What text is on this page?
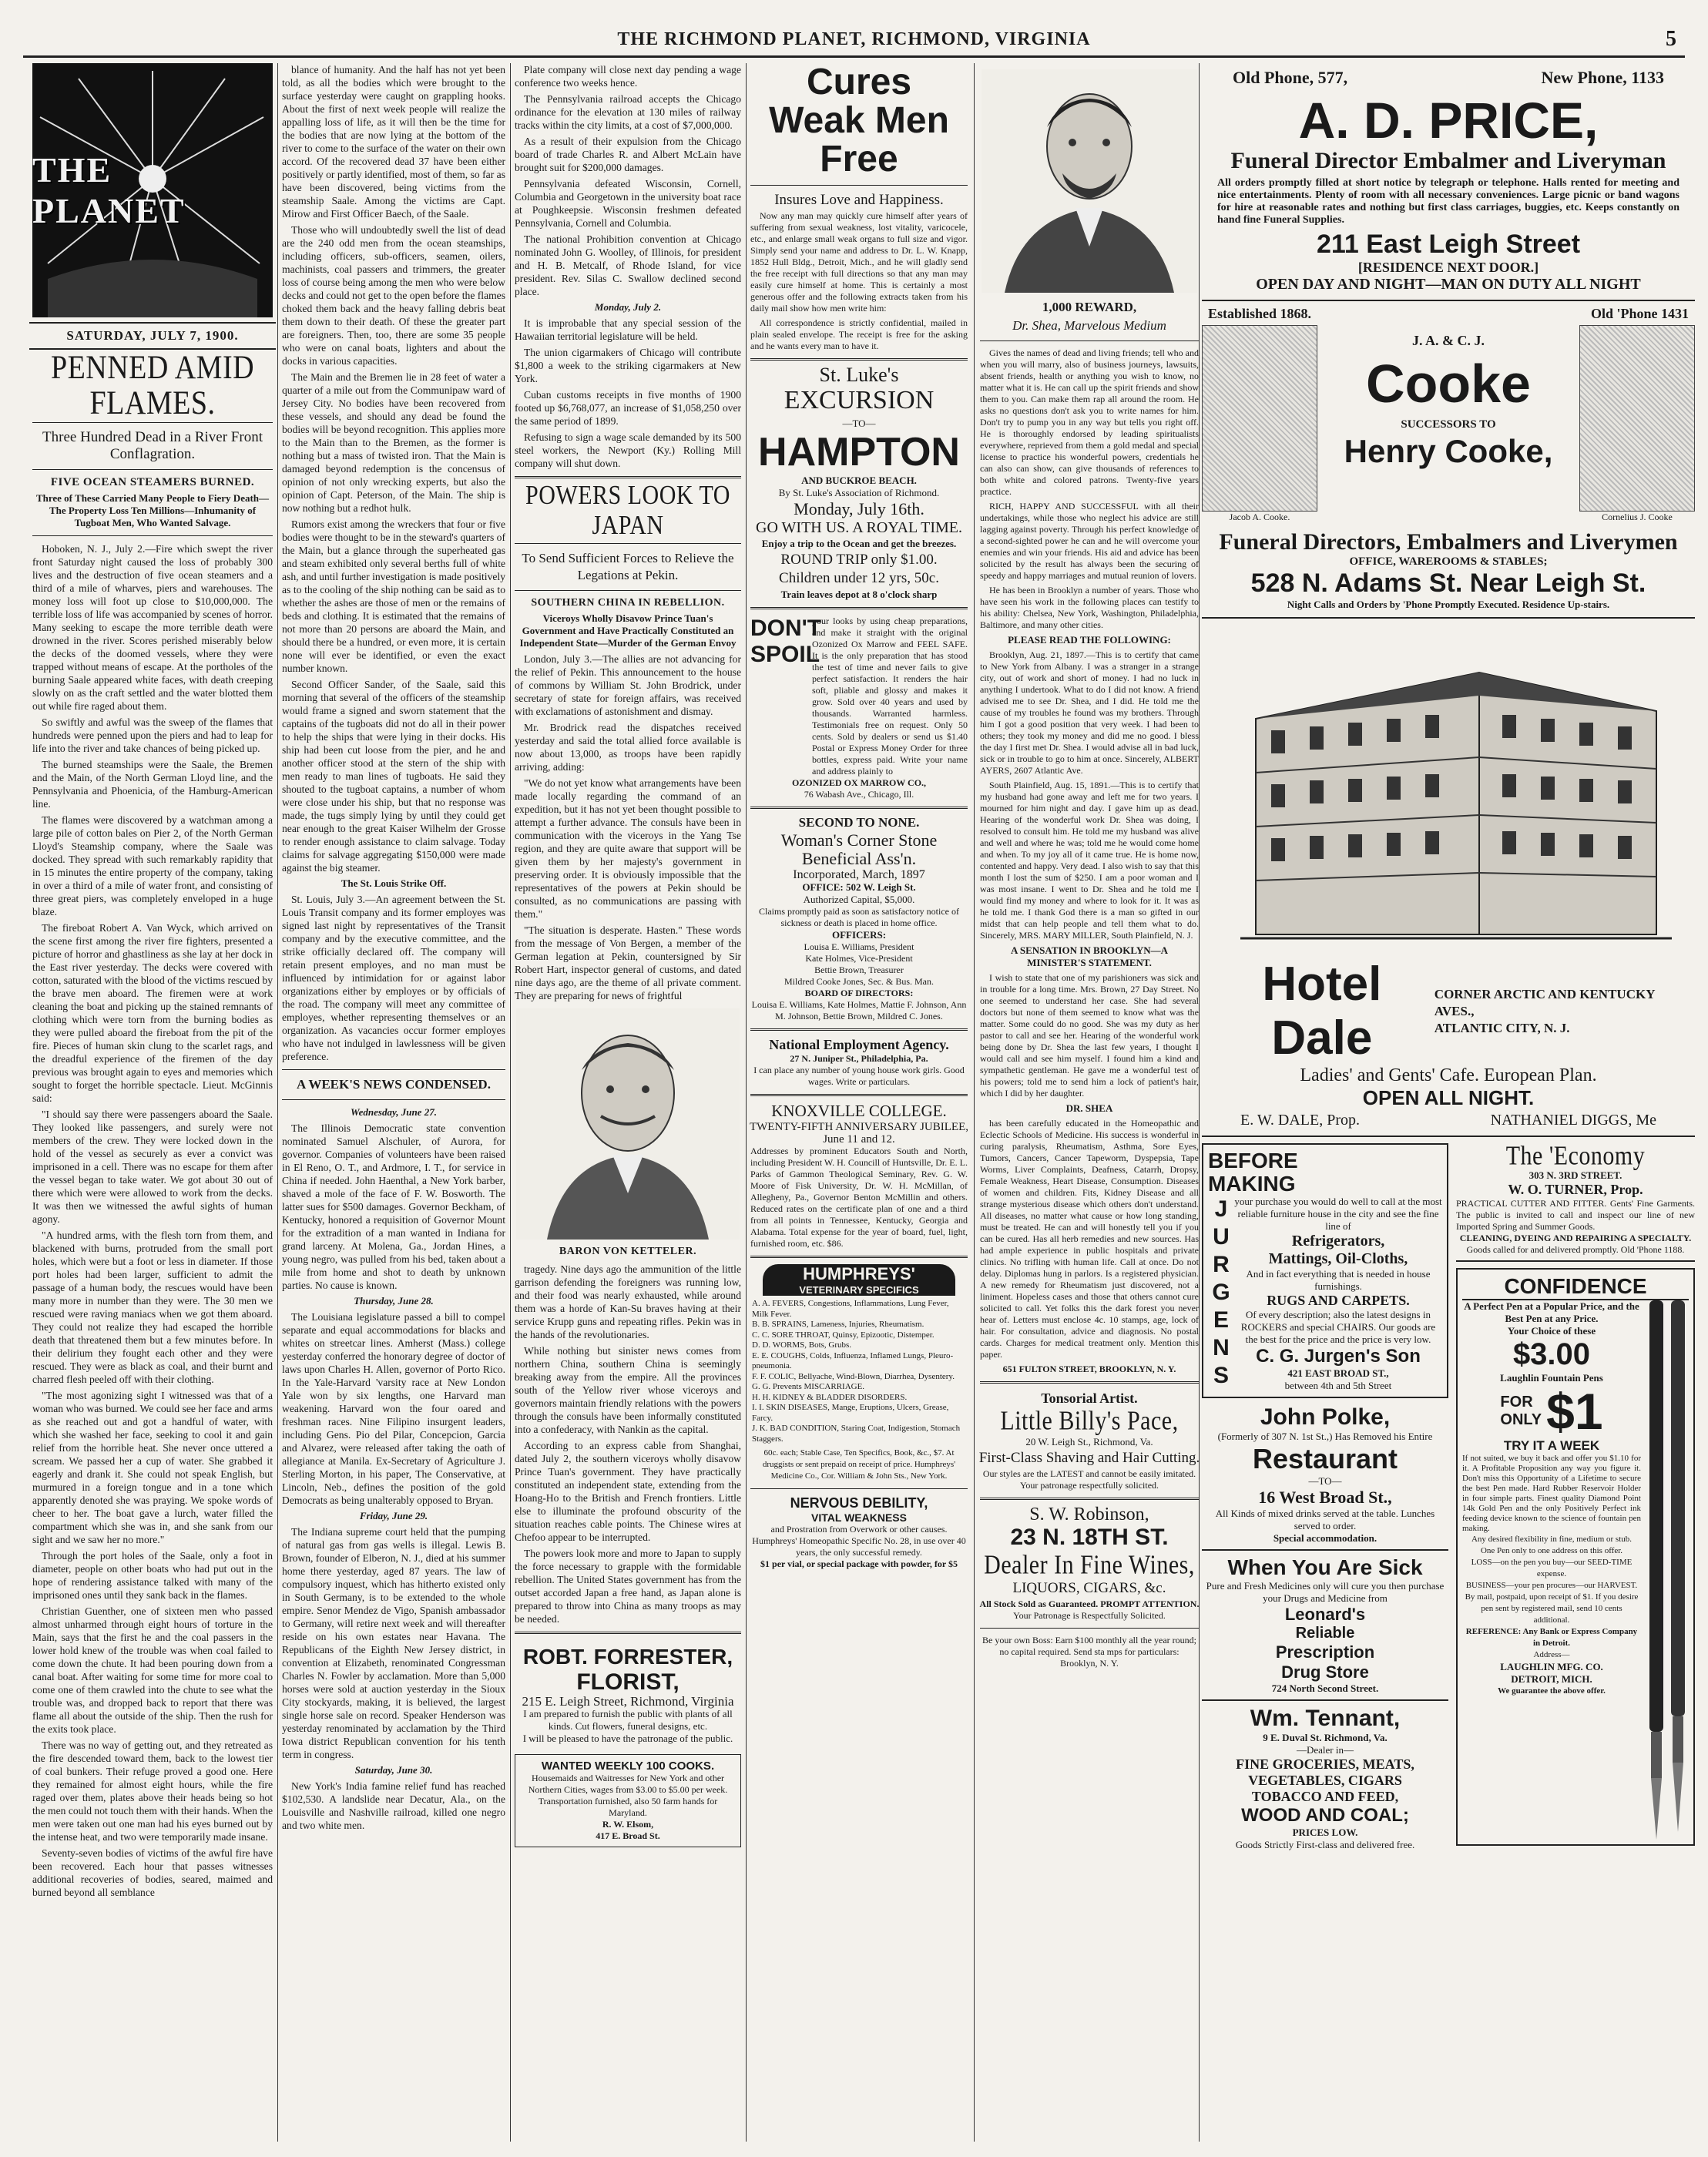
THE RICHMOND PLANET, RICHMOND, VIRGINIA	5
THE PLANET
SATURDAY, JULY 7, 1900.
PENNED AMID FLAMES.
Three Hundred Dead in a River Front Conflagration.
FIVE OCEAN STEAMERS BURNED.
Three of These Carried Many People to Fiery Death—The Property Loss Ten Millions—Inhumanity of Tugboat Men, Who Wanted Salvage.

Hoboken, N. J., July 2.—Fire which swept the river front Saturday night caused the loss of probably 300 lives and the destruction of five ocean steamers and a third of a mile of wharves, piers and warehouses. The money loss will foot up close to $10,000,000. The terrible loss of life was accompanied by scenes of horror. Many seeking to escape the more terrible death were drowned in the river. Scores perished miserably below the decks of the doomed vessels, where they were trapped without means of escape. At the portholes of the burning Saale appeared white faces, with death creeping slowly on as the craft settled and the water blotted them out while fire raged about them.

So swiftly and awful was the sweep of the flames that hundreds were penned upon the piers and had to leap for life into the river and take chances of being picked up.

The burned steamships were the Saale, the Bremen and the Main, of the North German Lloyd line, and the Pennsylvania and Phoenicia, of the Hamburg-American line.

The flames were discovered by a watchman among a large pile of cotton bales on Pier 2, of the North German Lloyd's Steamship company, where the Saale was docked. They spread with such remarkably rapidity that in 15 minutes the entire property of the company, taking in over a third of a mile of water front, and consisting of three great piers, was completely enveloped in a huge blaze.

The fireboat Robert A. Van Wyck, which arrived on the scene first among the river fire fighters, presented a picture of horror and ghastliness as she lay at her dock in the East river yesterday. The decks were covered with cotton, saturated with the blood of the victims rescued by the brave men aboard. The firemen were at work cleaning the boat and picking up the stained remnants of clothing which were torn from the burning bodies as they were pulled aboard the fireboat from the pit of the fire. Pieces of human skin clung to the scarlet rags, and the dreadful experience of the firemen of the day previous was brought again to eyes and memories which sought to forget the horrible spectacle. Lieut. McGinnis said:

"I should say there were passengers aboard the Saale. They looked like passengers, and surely were not members of the crew. They were locked down in the hold of the vessel as securely as ever a convict was imprisoned in a cell. There was no escape for them after the vessel began to take water. We got about 30 out of there which were were allowed to work from the decks. It was then we witnessed the awful sights of human agony.

"A hundred arms, with the flesh torn from them, and blackened with burns, protruded from the small port holes, which were but a foot or less in diameter. If those port holes had been larger, sufficient to admit the passage of a human body, the rescues would have been many more in number than they were. The 30 men we rescued were raving maniacs when we got them aboard. They could not realize they had escaped the horrible death that threatened them but a few minutes before. In their delirium they fought each other and they were rescued. They were as black as coal, and their burnt and charred flesh peeled off with their clothing.

"The most agonizing sight I witnessed was that of a woman who was burned. We could see her face and arms as she reached out and got a handful of water, with which she washed her face, seeking to cool it and gain relief from the horrible heat. She never once uttered a scream. We passed her a cup of water. She grabbed it eagerly and drank it. She could not speak English, but murmured in a foreign tongue and in a tone which apparently denoted she was praying. We spoke words of cheer to her. The boat gave a lurch, water filled the compartment which she was in, and she sank from our sight and we saw her no more."

Through the port holes of the Saale, only a foot in diameter, people on other boats who had put out in the hope of rendering assistance talked with many of the imprisoned ones until they sank back in the flames.

Christian Guenther, one of sixteen men who passed almost unharmed through eight hours of torture in the Main, says that the first he and the coal passers in the lower hold knew of the trouble was when coal failed to come down the chute. It had been pouring down from a canal boat. After waiting for some time for more coal to come one of them crawled into the chute to see what the trouble was, and dropped back to report that there was flame all about the outside of the ship. Then the rush for the exits took place.

There was no way of getting out, and they retreated as the fire descended toward them, back to the lowest tier of coal bunkers. Their refuge proved a good one. Here they remained for almost eight hours, while the fire raged over them, plates above their heads being so hot the men could not touch them with their hands. When the men were taken out one man had his eyes burned out by the intense heat, and two were temporarily made insane.

Seventy-seven bodies of victims of the awful fire have been recovered. Each hour that passes witnesses additional recoveries of bodies, seared, maimed and burned beyond all semblance

blance of humanity. And the half has not yet been told, as all the bodies which were brought to the surface yesterday were caught on grappling hooks. About the first of next week people will realize the appalling loss of life, as it will then be the time for the bodies that are now lying at the bottom of the river to come to the surface of the water on their own accord. Of the recovered dead 37 have been either positively or partly identified, most of them, so far as have been discovered, being victims from the steamship Saale. Among the victims are Capt. Mirow and First Officer Baech, of the Saale.

Those who will undoubtedly swell the list of dead are the 240 odd men from the ocean steamships, including officers, sub-officers, seamen, oilers, machinists, coal passers and trimmers, the greater loss of course being among the men who were below decks and could not get to the open before the flames choked them back and the heavy falling debris beat them down to their death. Of these the greater part are foreigners. Then, too, there are some 35 people who were on canal boats, lighters and about the docks in various capacities.

The Main and the Bremen lie in 28 feet of water a quarter of a mile out from the Communipaw ward of Jersey City. No bodies have been recovered from these vessels, and should any dead be found the bodies will be beyond recognition. This applies more to the Main than to the Bremen, as the former is nothing but a mass of twisted iron. That the Main is damaged beyond redemption is the concensus of opinion of not only wrecking experts, but also the opinion of Capt. Peterson, of the Main. The ship is now nothing but a redhot hulk.

Rumors exist among the wreckers that four or five bodies were thought to be in the steward's quarters of the Main, but a glance through the superheated gas and steam exhibited only several berths full of white ash, and until further investigation is made positively as to the cooling of the ship nothing can be said as to whether the ashes are those of men or the remains of beds and clothing. It is estimated that the remains of not more than 20 persons are aboard the Main, and should there be a hundred, or even more, it is certain none will ever be identified, or even the exact number known.

Second Officer Sander, of the Saale, said this morning that several of the officers of the steamship would frame a signed and sworn statement that the captains of the tugboats did not do all in their power to help the ships that were lying in their docks. His ship had been cut loose from the pier, and he and another officer stood at the stern of the ship with men ready to man lines of tugboats. He said they shouted to the tugboat captains, a number of whom were close under his ship, but that no response was made, the tugs simply lying by until they could get near enough to the great Kaiser Wilhelm der Grosse to render enough assistance to claim salvage. Today claims for salvage aggregating $150,000 were made against the big steamer.

The St. Louis Strike Off.

St. Louis, July 3.—An agreement between the St. Louis Transit company and its former employes was signed last night by representatives of the Transit company and by the executive committee, and the strike officially declared off. The company will retain present employes, and no man must be influenced by intimidation for or against labor organizations either by employes or by officials of the road. The company will meet any committee of employes, whether representing themselves or an organization. As vacancies occur former employes who have not indulged in lawlessness will be given preference.

A WEEK'S NEWS CONDENSED.
Wednesday, June 27.

The Illinois Democratic state convention nominated Samuel Alschuler, of Aurora, for governor. Companies of volunteers have been raised in El Reno, O. T., and Ardmore, I. T., for service in China if needed. John Haenthal, a New York barber, shaved a mole of the face of F. W. Bosworth. The latter sues for $500 damages. Governor Beckham, of Kentucky, honored a requisition of Governor Mount for the extradition of a man wanted in Indiana for grand larceny. At Molena, Ga., Jordan Hines, a young negro, was pulled from his bed, taken about a mile from home and shot to death by unknown parties. No cause is known.

Thursday, June 28.

The Louisiana legislature passed a bill to compel separate and equal accommodations for blacks and whites on streetcar lines. Amherst (Mass.) college yesterday conferred the honorary degree of doctor of laws upon Charles H. Allen, governor of Porto Rico. In the Yale-Harvard 'varsity race at New London Yale won by six lengths, one Harvard man weakening. Harvard won the four oared and freshman races. Nine Filipino insurgent leaders, including Gens. Pio del Pilar, Concepcion, Garcia and Alvarez, were released after taking the oath of allegiance at Manila. Ex-Secretary of Agriculture J. Sterling Morton, in his paper, The Conservative, at Lincoln, Neb., defines the position of the gold Democrats as being unalterably opposed to Bryan.

Friday, June 29.

The Indiana supreme court held that the pumping of natural gas from gas wells is illegal. Lewis B. Brown, founder of Elberon, N. J., died at his summer home there yesterday, aged 87 years. The law of compulsory inquest, which has hitherto existed only in South Germany, is to be extended to the whole empire. Senor Mendez de Vigo, Spanish ambassador to Germany, will retire next week and will thereafter reside on his own estates near Havana. The Republicans of the Eighth New Jersey district, in convention at Elizabeth, renominated Congressman Charles N. Fowler by acclamation. More than 5,000 horses were sold at auction yesterday in the Sioux City stockyards, making, it is believed, the largest single horse sale on record. Speaker Henderson was yesterday renominated by acclamation by the Third Iowa district Republican convention for his tenth term in congress.

Saturday, June 30.

New York's India famine relief fund has reached $102,530. A landslide near Decatur, Ala., on the Louisville and Nashville railroad, killed one negro and two white men.

Plate company will close next day pending a wage conference two weeks hence.

The Pennsylvania railroad accepts the Chicago ordinance for the elevation at 130 miles of railway tracks within the city limits, at a cost of $7,000,000.

As a result of their expulsion from the Chicago board of trade Charles R. and Albert McLain have brought suit for $200,000 damages.

Pennsylvania defeated Wisconsin, Cornell, Columbia and Georgetown in the university boat race at Poughkeepsie. Wisconsin freshmen defeated Pennsylvania, Cornell and Columbia.

The national Prohibition convention at Chicago nominated John G. Woolley, of Illinois, for president and H. B. Metcalf, of Rhode Island, for vice president. Rev. Silas C. Swallow declined second place.

Monday, July 2.

It is improbable that any special session of the Hawaiian territorial legislature will be held.

The union cigarmakers of Chicago will contribute $1,800 a week to the striking cigarmakers at New York.

Cuban customs receipts in five months of 1900 footed up $6,768,077, an increase of $1,058,250 over the same period of 1899.

Refusing to sign a wage scale demanded by its 500 steel workers, the Newport (Ky.) Rolling Mill company will shut down.

POWERS LOOK TO JAPAN
To Send Sufficient Forces to Relieve the Legations at Pekin.
SOUTHERN CHINA IN REBELLION.
Viceroys Wholly Disavow Prince Tuan's Government and Have Practically Constituted an Independent State—Murder of the German Envoy

London, July 3.—The allies are not advancing for the relief of Pekin. This announcement to the house of commons by William St. John Brodrick, under secretary of state for foreign affairs, was received with exclamations of astonishment and dismay.

Mr. Brodrick read the dispatches received yesterday and said the total allied force available is now about 13,000, as troops have been rapidly arriving, adding:

"We do not yet know what arrangements have been made locally regarding the command of an expedition, but it has not yet been thought possible to attempt a further advance. The consuls have been in communication with the viceroys in the Yang Tse region, and they are quite aware that support will be given them by her majesty's government in preserving order. It is obviously impossible that the representatives of the powers at Pekin should be consulted, as no communications are passing with them."

"The situation is desperate. Hasten." These words from the message of Von Bergen, a member of the German legation at Pekin, countersigned by Sir Robert Hart, inspector general of customs, and dated nine days ago, are the theme of all private comment. They are preparing for news of frightful

BARON VON KETTELER.

tragedy. Nine days ago the ammunition of the little garrison defending the foreigners was running low, and their food was nearly exhausted, while around them was a horde of Kan-Su braves having at their service Krupp guns and repeating rifles. Pekin was in the hands of the revolutionaries.

While nothing but sinister news comes from northern China, southern China is seemingly breaking away from the empire. All the provinces south of the Yellow river whose viceroys and governors maintain friendly relations with the powers through the consuls have been informally constituted into a confederacy, with Nankin as the capital.

According to an express cable from Shanghai, dated July 2, the southern viceroys wholly disavow Prince Tuan's government. They have practically constituted an independent state, extending from the Hoang-Ho to the British and French frontiers. Little else to illuminate the profound obscurity of the situation reaches cable points. The Chinese wires at Chefoo appear to be interrupted.

The powers look more and more to Japan to supply the force necessary to grapple with the formidable rebellion. The United States government has from the outset accorded Japan a free hand, as Japan alone is prepared to throw into China as many troops as may be needed.

ROBT. FORRESTER,
FLORIST,
215 E. Leigh Street, Richmond, Virginia
I am prepared to furnish the public with plants of all kinds. Cut flowers, funeral designs, etc.
I will be pleased to have the patronage of the public.
WANTED WEEKLY 100 COOKS.
Housemaids and Waitresses for New York and other Northern Cities, wages from $3.00 to $5.00 per week. Transportation furnished, also 50 farm hands for Maryland.
R. W. Elsom,
417 E. Broad St.
Cures
Weak Men
Free
Insures Love and Happiness.

Now any man may quickly cure himself after years of suffering from sexual weakness, lost vitality, varicocele, etc., and enlarge small weak organs to full size and vigor. Simply send your name and address to Dr. L. W. Knapp, 1852 Hull Bldg., Detroit, Mich., and he will gladly send the free receipt with full directions so that any man may easily cure himself at home. This is certainly a most generous offer and the following extracts taken from his daily mail show how men write him:

All correspondence is strictly confidential, mailed in plain sealed envelope. The receipt is free for the asking and he wants every man to have it.

St. Luke's
EXCURSION
—TO—
HAMPTON
AND BUCKROE BEACH.
By St. Luke's Association of Richmond.
Monday, July 16th.
GO WITH US. A ROYAL TIME.
Enjoy a trip to the Ocean and get the breezes.
ROUND TRIP only $1.00.
Children under 12 yrs, 50c.
Train leaves depot at 8 o'clock sharp
DON'T SPOIL
your looks by using cheap preparations, and make it straight with the original Ozonized Ox Marrow and FEEL SAFE. It is the only preparation that has stood the test of time and never fails to give perfect satisfaction. It renders the hair soft, pliable and glossy and makes it grow. Sold over 40 years and used by thousands. Warranted harmless. Testimonials free on request. Only 50 cents. Sold by dealers or send us $1.40 Postal or Express Money Order for three bottles, express paid. Write your name and address plainly to
OZONIZED OX MARROW CO.,
76 Wabash Ave., Chicago, Ill.
SECOND TO NONE.
Woman's Corner Stone
Beneficial Ass'n.
Incorporated, March, 1897
OFFICE: 502 W. Leigh St.
Authorized Capital, $5,000.
Claims promptly paid as soon as satisfactory notice of sickness or death is placed in home office.
OFFICERS:
Louisa E. Williams, President
Kate Holmes, Vice-President
Bettie Brown, Treasurer
Mildred Cooke Jones, Sec. & Bus. Man.
BOARD OF DIRECTORS:
Louisa E. Williams, Kate Holmes, Mattie F. Johnson, Ann M. Johnson, Bettie Brown, Mildred C. Jones.
National Employment Agency.
27 N. Juniper St., Philadelphia, Pa.
I can place any number of young house work girls. Good wages. Write or particulars.
KNOXVILLE COLLEGE.
TWENTY-FIFTH ANNIVERSARY JUBILEE, June 11 and 12.
Addresses by prominent Educators South and North, including President W. H. Councill of Huntsville, Dr. E. L. Parks of Gammon Theological Seminary, Rev. G. W. Moore of Fisk University, Dr. W. H. McMillan, of Allegheny, Pa., Governor Benton McMillin and others. Reduced rates on the certificate plan of one and a third from all points in Tennessee, Kentucky, Georgia and Alabama. Total expense for the year of board, fuel, light, furnished room, etc. $86.
HUMPHREYS'
VETERINARY SPECIFICS
A. A. FEVERS, Congestions, Inflammations, Lung Fever, Milk Fever.
B. B. SPRAINS, Lameness, Injuries, Rheumatism.
C. C. SORE THROAT, Quinsy, Epizootic, Distemper.
D. D. WORMS, Bots, Grubs.
E. E. COUGHS, Colds, Influenza, Inflamed Lungs, Pleuro-pneumonia.
F. F. COLIC, Bellyache, Wind-Blown, Diarrhea, Dysentery.
G. G. Prevents MISCARRIAGE.
H. H. KIDNEY & BLADDER DISORDERS.
I. I. SKIN DISEASES, Mange, Eruptions, Ulcers, Grease, Farcy.
J. K. BAD CONDITION, Staring Coat, Indigestion, Stomach Staggers.
60c. each; Stable Case, Ten Specifics, Book, &c., $7. At druggists or sent prepaid on receipt of price. Humphreys' Medicine Co., Cor. William & John Sts., New York.
NERVOUS DEBILITY,
VITAL WEAKNESS
and Prostration from Overwork or other causes. Humphreys' Homeopathic Specific No. 28, in use over 40 years, the only successful remedy.
$1 per vial, or special package with powder, for $5
1,000 REWARD,
Dr. Shea, Marvelous Medium

Gives the names of dead and living friends; tell who and when you will marry, also of business journeys, lawsuits, absent friends, health or anything you wish to know, no matter what it is. He can call up the spirit friends and show them to you. Can make them rap all around the room. He asks no questions don't ask you to write names for him. Don't try to pump you in any way but tells you right off. He is thoroughly endorsed by leading spiritualists everywhere, reprieved from them a gold medal and special license to practice his wonderful powers, credentials he can also can show, can give thousands of references to both white and colored patrons. Twenty-five years practice.

RICH, HAPPY AND SUCCESSFUL with all their undertakings, while those who neglect his advice are still lagging against poverty. Through his perfect knowledge of a second-sighted power he can and he will overcome your enemies and win your friends. His aid and advice has been solicited by the result has always been the securing of speedy and happy marriages and mutual reunion of lovers.

He has been in Brooklyn a number of years. Those who have seen his work in the following places can testify to his ability: Chelsea, New York, Washington, Philadelphia, Baltimore, and many other cities.

PLEASE READ THE FOLLOWING:

Brooklyn, Aug. 21, 1897.—This is to certify that came to New York from Albany. I was a stranger in a strange city, out of work and short of money. I had no luck in anything I undertook. What to do I did not know. A friend advised me to see Dr. Shea, and I did. He told me the cause of my troubles he found was my brothers. Through him I got a good position that very week. I had been to others; they took my money and did me no good. I bless the day I first met Dr. Shea. I would advise all in bad luck, sick or in trouble to go to him at once. Sincerely, ALBERT AYERS, 2607 Atlantic Ave.

South Plainfield, Aug. 15, 1891.—This is to certify that my husband had gone away and left me for two years. I mourned for him night and day. I gave him up as dead. Hearing of the wonderful work Dr. Shea was doing, I resolved to consult him. He told me my husband was alive and well and where he was; told me he would come home and when. To my joy all of it came true. He is home now, contented and happy. Very dead. I also wish to say that this month I lost the sum of $250. I am a poor woman and I was most insane. I went to Dr. Shea and he told me I would find my money and where to look for it. It was as he told me. I thank God there is a man so gifted in our midst that can help people and tell them what to do. Sincerely, MRS. MARY MILLER, South Plainfield, N. J.

A SENSATION IN BROOKLYN—A MINISTER'S STATEMENT.

I wish to state that one of my parishioners was sick and in trouble for a long time. Mrs. Brown, 27 Day Street. No one seemed to understand her case. She had several doctors but none of them seemed to know what was the matter. Some could do no good. She was my duty as her pastor to call and see her. Hearing of the wonderful work being done by Dr. Shea the last few years, I thought I would call and see him myself. I found him a kind and sympathetic gentleman. He gave me a wonderful test of his powers; told me to send him a lock of patient's hair, which I did by her daughter.

DR. SHEA

has been carefully educated in the Homeopathic and Eclectic Schools of Medicine. His success is wonderful in curing paralysis, Rheumatism, Asthma, Sore Eyes, Tumors, Cancers, Cancer Tapeworm, Dyspepsia, Tape Worms, Liver Complaints, Deafness, Catarrh, Dropsy, Female Weakness, Heart Disease, Consumption. Diseases of women and children. Fits, Kidney Disease and all strange mysterious disease which others don't understand. All diseases, no matter what cause or how long standing, must be treated. He can and will honestly tell you if you can be cured. Has all herb remedies and new sources. Has had ample experience in public hospitals and private clinics. No trifling with human life. Call at once. Do not delay. Diplomas hung in parlors. Is a registered physician. A new remedy for Rheumatism just discovered, not a liniment. Hopeless cases and those that others cannot cure solicited to call. Yet folks this the dark forest you never hear of. Letters must enclose 4c. 10 stamps, age, lock of hair. For consultation, advice and diagnosis. No postal cards. Charges for medical treatment only. Mention this paper.

651 FULTON STREET, BROOKLYN, N. Y.
Tonsorial Artist.
Little Billy's Pace,
20 W. Leigh St., Richmond, Va.
First-Class Shaving and Hair Cutting.
Our styles are the LATEST and cannot be easily imitated. Your patronage respectfully solicited.
S. W. Robinson,
23 N. 18TH ST.
Dealer In Fine Wines,
LIQUORS, CIGARS, &c.
All Stock Sold as Guaranteed. PROMPT ATTENTION.
Your Patronage is Respectfully Solicited.
Be your own Boss: Earn $100 monthly all the year round; no capital required. Send sta mps for particulars:
Brooklyn, N. Y.
Old Phone, 577,	New Phone, 1133
A. D. PRICE,
Funeral Director Embalmer and Liveryman
All orders promptly filled at short notice by telegraph or telephone. Halls rented for meeting and nice entertainments. Plenty of room with all necessary conveniences. Large picnic or band wagons for hire at reasonable rates and nothing but first class carriages, buggies, etc. Keeps constantly on hand fine Funeral Supplies.
211 East Leigh Street
[RESIDENCE NEXT DOOR.]
OPEN DAY AND NIGHT—MAN ON DUTY ALL NIGHT
Established 1868.	Old 'Phone 1431
Jacob A. Cooke.
J. A. & C. J.
Cooke
SUCCESSORS TO
Henry Cooke,
Cornelius J. Cooke
Funeral Directors, Embalmers and Liverymen
OFFICE, WAREROOMS & STABLES;
528 N. Adams St. Near Leigh St.
Night Calls and Orders by 'Phone Promptly Executed. Residence Up-stairs.
Hotel Dale
CORNER ARCTIC AND KENTUCKY AVES.,
ATLANTIC CITY, N. J.
Ladies' and Gents' Cafe. European Plan.
OPEN ALL NIGHT.
E. W. DALE, Prop.	NATHANIEL DIGGS, Me
BEFORE
MAKING
JURGENS
your purchase you would do well to call at the most reliable furniture house in the city and see the fine line of
Refrigerators,
Mattings, Oil-Cloths,
And in fact everything that is needed in house furnishings.
RUGS AND CARPETS.
Of every description; also the latest designs in ROCKERS and special CHAIRS. Our goods are the best for the price and the price is very low.
C. G. Jurgen's Son
421 EAST BROAD ST.,
between 4th and 5th Street
John Polke,
(Formerly of 307 N. 1st St.,) Has Removed his Entire
Restaurant
—TO—
16 West Broad St.,
All Kinds of mixed drinks served at the table. Lunches served to order.
Special accommodation.
When You Are Sick
Pure and Fresh Medicines only will cure you then purchase your Drugs and Medicine from
Leonard's
Reliable
Prescription
Drug Store
724 North Second Street.
Wm. Tennant,
9 E. Duval St. Richmond, Va.
—Dealer in—
FINE GROCERIES, MEATS,
VEGETABLES, CIGARS
TOBACCO AND FEED,
WOOD AND COAL;
PRICES LOW.
Goods Strictly First-class and delivered free.
The 'Economy
303 N. 3RD STREET.
W. O. TURNER, Prop.
PRACTICAL CUTTER AND FITTER. Gents' Fine Garments. The public is invited to call and inspect our line of new Imported Spring and Summer Goods.
CLEANING, DYEING AND REPAIRING A SPECIALTY.
Goods called for and delivered promptly. Old 'Phone 1188.
CONFIDENCE
A Perfect Pen at a Popular Price, and the Best Pen at any Price.
Your Choice of these
$3.00
Laughlin Fountain Pens
FOR
ONLY $1
TRY IT A WEEK
If not suited, we buy it back and offer you $1.10 for it. A Profitable Proposition any way you figure it. Don't miss this Opportunity of a Lifetime to secure the best Pen made. Hard Rubber Reservoir Holder in four simple parts. Finest quality Diamond Point 14k Gold Pen and the only Positively Perfect ink feeding device known to the science of fountain pen making.
Any desired flexibility in fine, medium or stub.
One Pen only to one address on this offer.
LOSS—on the pen you buy—our SEED-TIME expense.
BUSINESS—your pen procures—our HARVEST.
By mail, postpaid, upon receipt of $1. If you desire pen sent by registered mail, send 10 cents additional.
REFERENCE: Any Bank or Express Company in Detroit.
Address—
LAUGHLIN MFG. CO.
DETROIT, MICH.
We guarantee the above offer.
